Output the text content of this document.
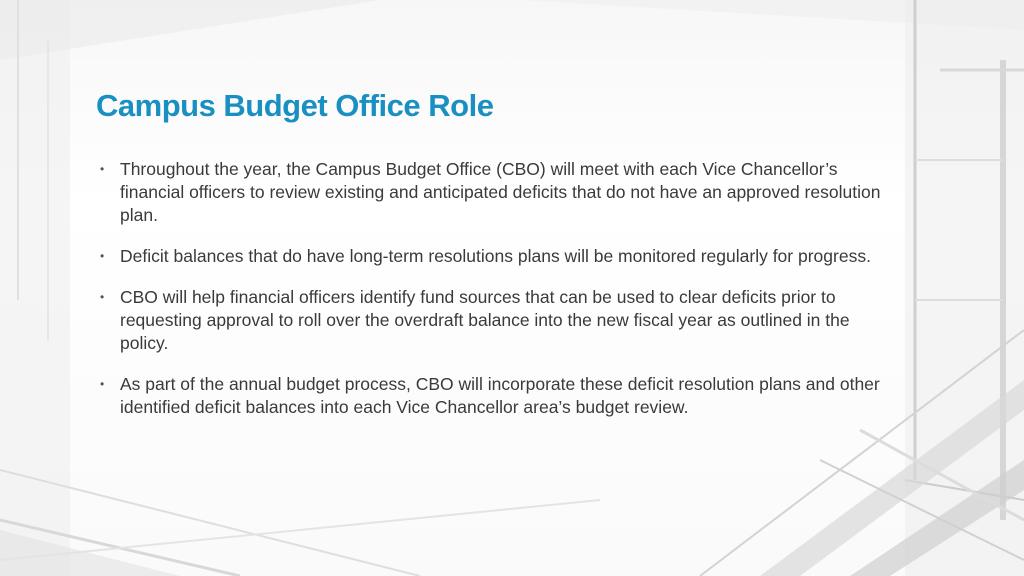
Campus Budget Office Role
• Throughout the year, the Campus Budget Office (CBO) will meet with each Vice Chancellor’s financial officers to review existing and anticipated deficits that do not have an approved resolution plan.
• Deficit balances that do have long-term resolutions plans will be monitored regularly for progress.
• CBO will help financial officers identify fund sources that can be used to clear deficits prior to requesting approval to roll over the overdraft balance into the new fiscal year as outlined in the policy.
• As part of the annual budget process, CBO will incorporate these deficit resolution plans and other identified deficit balances into each Vice Chancellor area’s budget review.
